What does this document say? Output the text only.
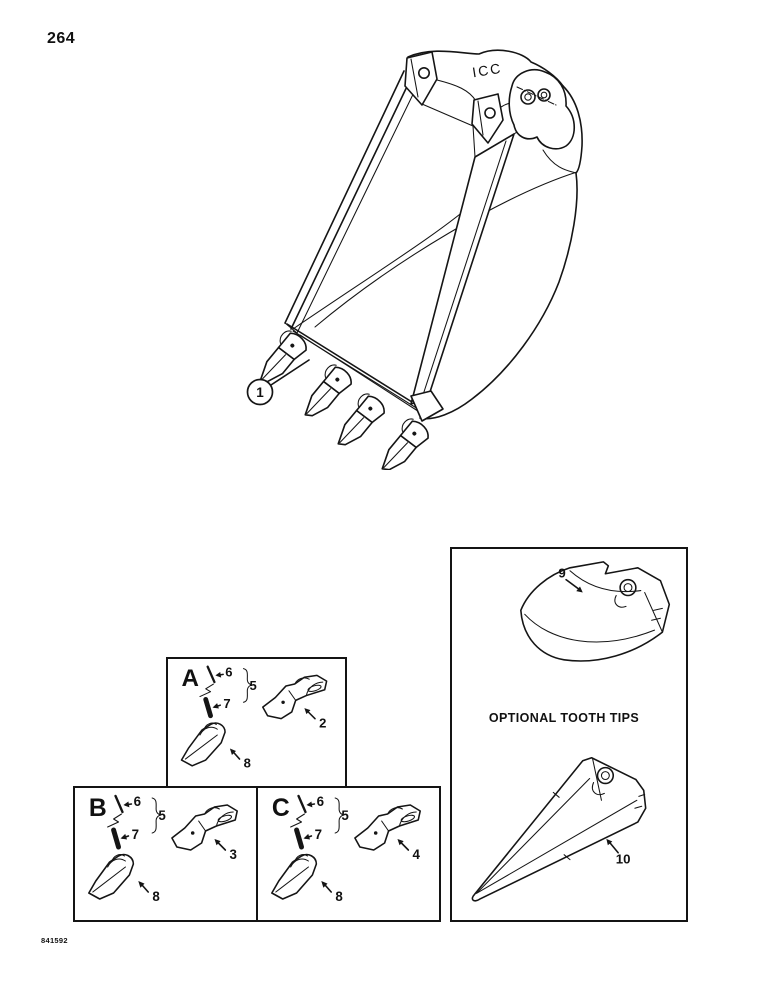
264
ICC
1
A 6
7
5
2
8
B 6
7
5
3
8
C 6
7
5
4
8
9
10
OPTIONAL TOOTH TIPS
841592
